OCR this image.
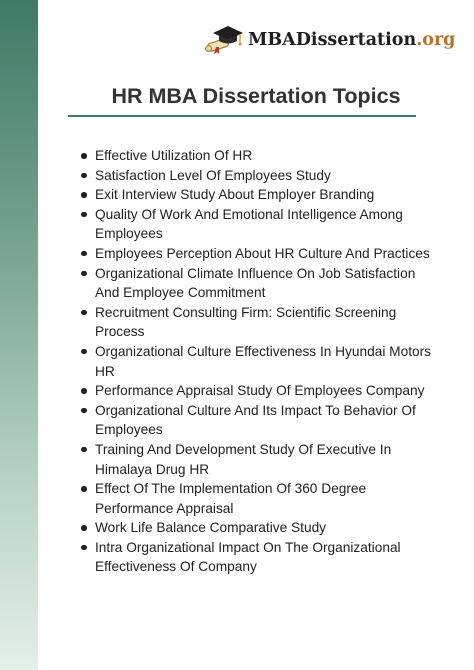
MBADissertation.org
HR MBA Dissertation Topics
Effective Utilization Of HR
Satisfaction Level Of Employees Study
Exit Interview Study About Employer Branding
Quality Of Work And Emotional Intelligence Among Employees
Employees Perception About HR Culture And Practices
Organizational Climate Influence On Job Satisfaction And Employee Commitment
Recruitment Consulting Firm: Scientific Screening Process
Organizational Culture Effectiveness In Hyundai Motors HR
Performance Appraisal Study Of Employees Company
Organizational Culture And Its Impact To Behavior Of Employees
Training And Development Study Of Executive In Himalaya Drug HR
Effect Of The Implementation Of 360 Degree Performance Appraisal
Work Life Balance Comparative Study
Intra Organizational Impact On The Organizational Effectiveness Of Company
